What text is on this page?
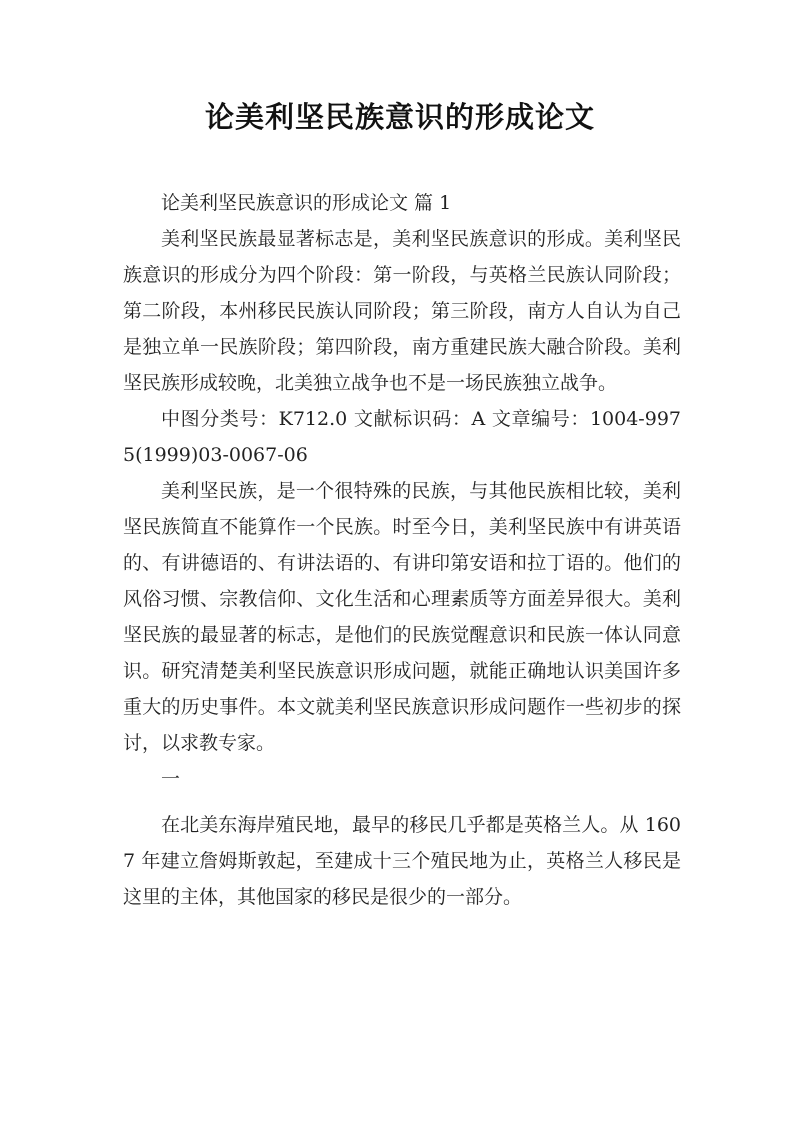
论美利坚民族意识的形成论文

论美利坚民族意识的形成论文 篇 1

美利坚民族最显著标志是，美利坚民族意识的形成。美利坚民族意识的形成分为四个阶段：第一阶段，与英格兰民族认同阶段；第二阶段，本州移民民族认同阶段；第三阶段，南方人自认为自己是独立单一民族阶段；第四阶段，南方重建民族大融合阶段。美利坚民族形成较晚，北美独立战争也不是一场民族独立战争。

中图分类号：K712.0 文献标识码：A 文章编号：1004-9975(1999)03-0067-06

美利坚民族，是一个很特殊的民族，与其他民族相比较，美利坚民族简直不能算作一个民族。时至今日，美利坚民族中有讲英语的、有讲德语的、有讲法语的、有讲印第安语和拉丁语的。他们的风俗习惯、宗教信仰、文化生活和心理素质等方面差异很大。美利坚民族的最显著的标志，是他们的民族觉醒意识和民族一体认同意识。研究清楚美利坚民族意识形成问题，就能正确地认识美国许多重大的历史事件。本文就美利坚民族意识形成问题作一些初步的探讨，以求教专家。

一

在北美东海岸殖民地，最早的移民几乎都是英格兰人。从 1607 年建立詹姆斯敦起，至建成十三个殖民地为止，英格兰人移民是这里的主体，其他国家的移民是很少的一部分。
